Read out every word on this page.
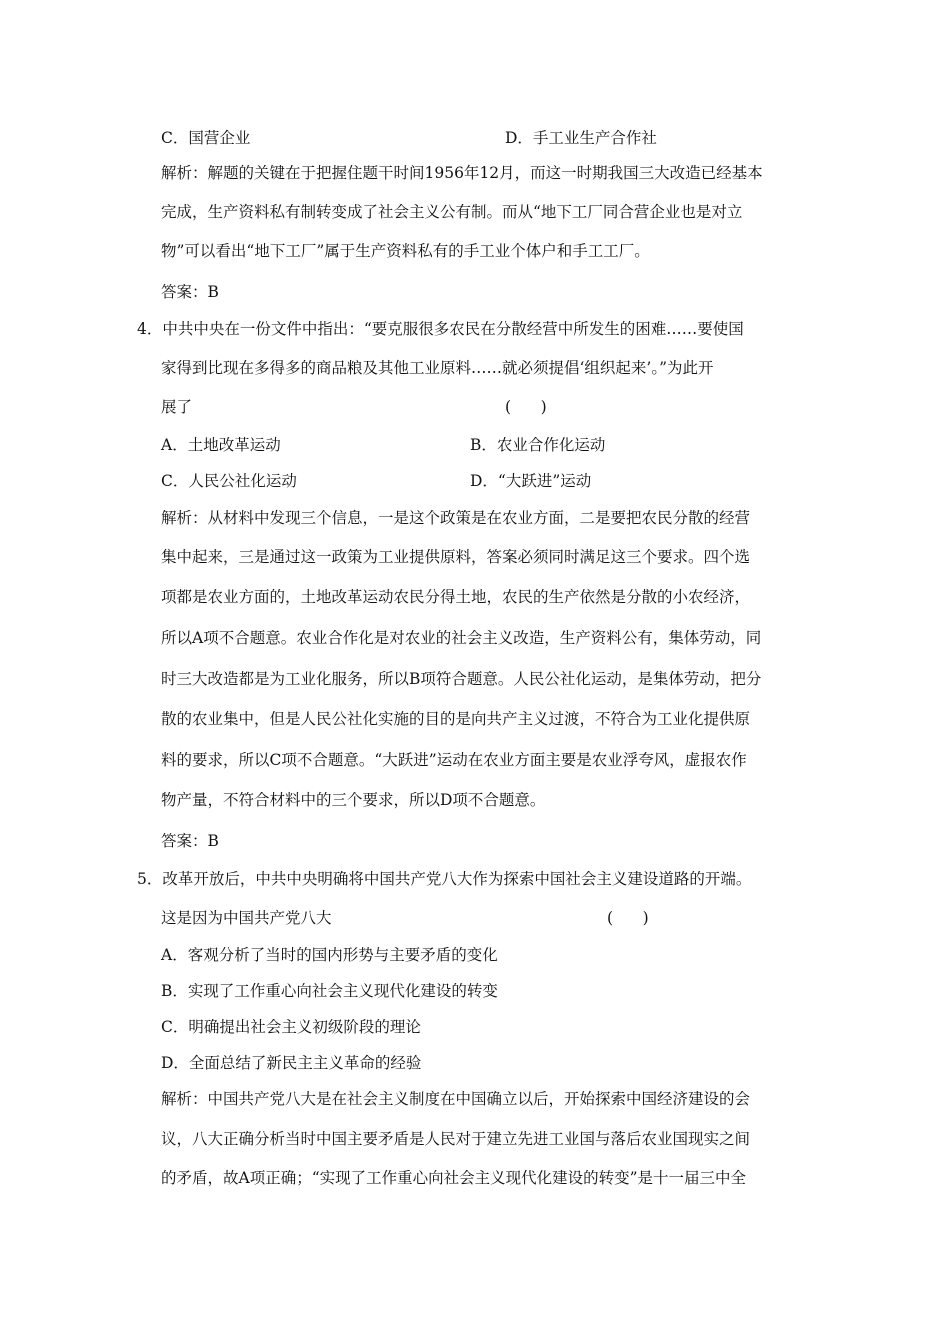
C．国营企业	D．手工业生产合作社
解析：解题的关键在于把握住题干时间1956年12月，而这一时期我国三大改造已经基本
完成，生产资料私有制转变成了社会主义公有制。而从“地下工厂同合营企业也是对立
物”可以看出“地下工厂”属于生产资料私有的手工业个体户和手工工厂。
答案：B
4．中共中央在一份文件中指出：“要克服很多农民在分散经营中所发生的困难……要使国
家得到比现在多得多的商品粮及其他工业原料……就必须提倡‘组织起来’。”为此开
展了	(      )
A．土地改革运动	B．农业合作化运动
C．人民公社化运动	D．“大跃进”运动
解析：从材料中发现三个信息，一是这个政策是在农业方面，二是要把农民分散的经营
集中起来，三是通过这一政策为工业提供原料，答案必须同时满足这三个要求。四个选
项都是农业方面的，土地改革运动农民分得土地，农民的生产依然是分散的小农经济，
所以A项不合题意。农业合作化是对农业的社会主义改造，生产资料公有，集体劳动，同
时三大改造都是为工业化服务，所以B项符合题意。人民公社化运动，是集体劳动，把分
散的农业集中，但是人民公社化实施的目的是向共产主义过渡，不符合为工业化提供原
料的要求，所以C项不合题意。“大跃进”运动在农业方面主要是农业浮夸风，虚报农作
物产量，不符合材料中的三个要求，所以D项不合题意。
答案：B
5．改革开放后，中共中央明确将中国共产党八大作为探索中国社会主义建设道路的开端。
这是因为中国共产党八大	(      )
A．客观分析了当时的国内形势与主要矛盾的变化
B．实现了工作重心向社会主义现代化建设的转变
C．明确提出社会主义初级阶段的理论
D．全面总结了新民主主义革命的经验
解析：中国共产党八大是在社会主义制度在中国确立以后，开始探索中国经济建设的会
议，八大正确分析当时中国主要矛盾是人民对于建立先进工业国与落后农业国现实之间
的矛盾，故A项正确；“实现了工作重心向社会主义现代化建设的转变”是十一届三中全
